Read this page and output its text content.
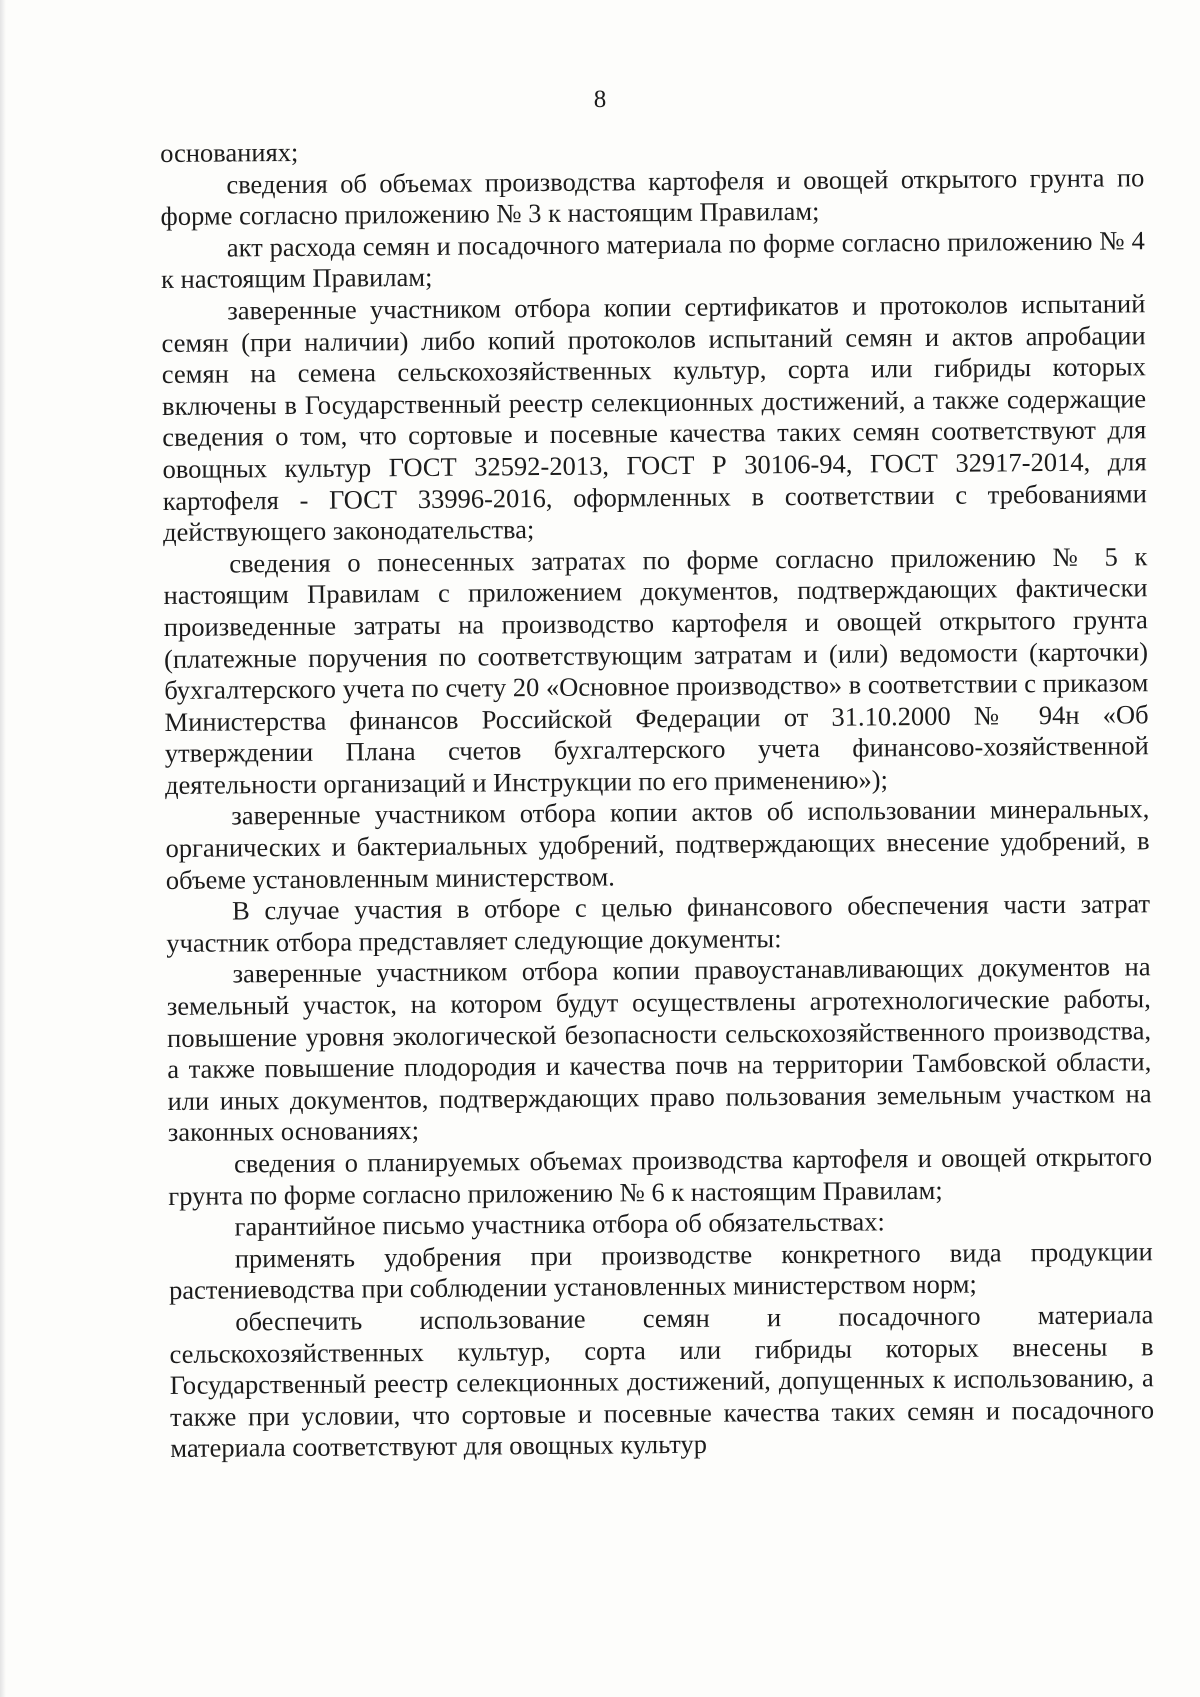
8

основаниях;

сведения об объемах производства картофеля и овощей открытого грунта по форме согласно приложению № 3 к настоящим Правилам;

акт расхода семян и посадочного материала по форме согласно приложению № 4 к настоящим Правилам;

заверенные участником отбора копии сертификатов и протоколов испытаний семян (при наличии) либо копий протоколов испытаний семян и актов апробации семян на семена сельскохозяйственных культур, сорта или гибриды которых включены в Государственный реестр селекционных достижений, а также содержащие сведения о том, что сортовые и посевные качества таких семян соответствуют для овощных культур ГОСТ 32592-2013, ГОСТ Р 30106-94, ГОСТ 32917-2014, для картофеля - ГОСТ 33996-2016, оформленных в соответствии с требованиями действующего законодательства;

сведения о понесенных затратах по форме согласно приложению № 5 к настоящим Правилам с приложением документов, подтверждающих фактически произведенные затраты на производство картофеля и овощей открытого грунта (платежные поручения по соответствующим затратам и (или) ведомости (карточки) бухгалтерского учета по счету 20 «Основное производство» в соответствии с приказом Министерства финансов Российской Федерации от 31.10.2000 № 94н «Об утверждении Плана счетов бухгалтерского учета финансово-хозяйственной деятельности организаций и Инструкции по его применению»);

заверенные участником отбора копии актов об использовании минеральных, органических и бактериальных удобрений, подтверждающих внесение удобрений, в объеме установленным министерством.

В случае участия в отборе с целью финансового обеспечения части затрат участник отбора представляет следующие документы:

заверенные участником отбора копии правоустанавливающих документов на земельный участок, на котором будут осуществлены агротехнологические работы, повышение уровня экологической безопасности сельскохозяйственного производства, а также повышение плодородия и качества почв на территории Тамбовской области, или иных документов, подтверждающих право пользования земельным участком на законных основаниях;

сведения о планируемых объемах производства картофеля и овощей открытого грунта по форме согласно приложению № 6 к настоящим Правилам;

гарантийное письмо участника отбора об обязательствах:

применять удобрения при производстве конкретного вида продукции растениеводства при соблюдении установленных министерством норм;

обеспечить использование семян и посадочного материала сельскохозяйственных культур, сорта или гибриды которых внесены в Государственный реестр селекционных достижений, допущенных к использованию, а также при условии, что сортовые и посевные качества таких семян и посадочного материала соответствуют для овощных культур
